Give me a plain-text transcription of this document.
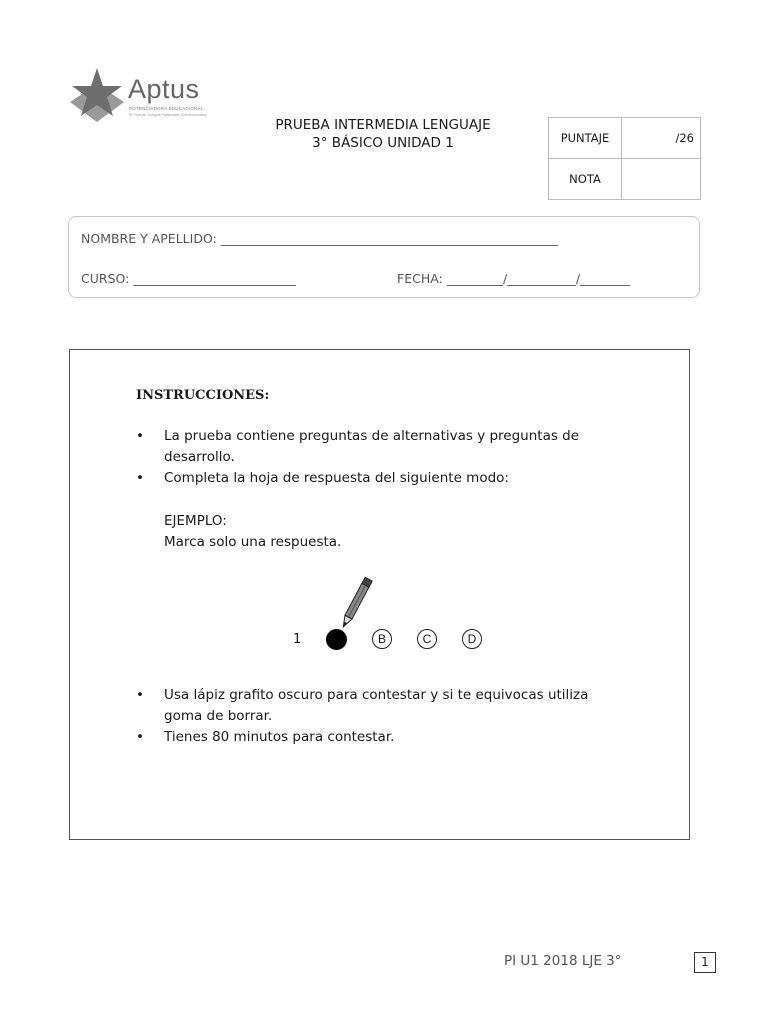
Aptus
POTENCIADORA EDUCACIONAL
BF Red de Colegios Particulares Subvencionados
PRUEBA INTERMEDIA LENGUAJE
3° BÁSICO UNIDAD 1	PUNTAJE	/26
NOTA	
NOMBRE Y APELLIDO: ______________________________________________________
CURSO: __________________________	FECHA: _________/___________/________
INSTRUCCIONES:
• La prueba contiene preguntas de alternativas y preguntas de desarrollo.
• Completa la hoja de respuesta del siguiente modo:
EJEMPLO:
Marca solo una respuesta.
1	B	C	D
• Usa lápiz grafito oscuro para contestar y si te equivocas utiliza goma de borrar.
• Tienes 80 minutos para contestar.
PI U1 2018 LJE 3°	1
